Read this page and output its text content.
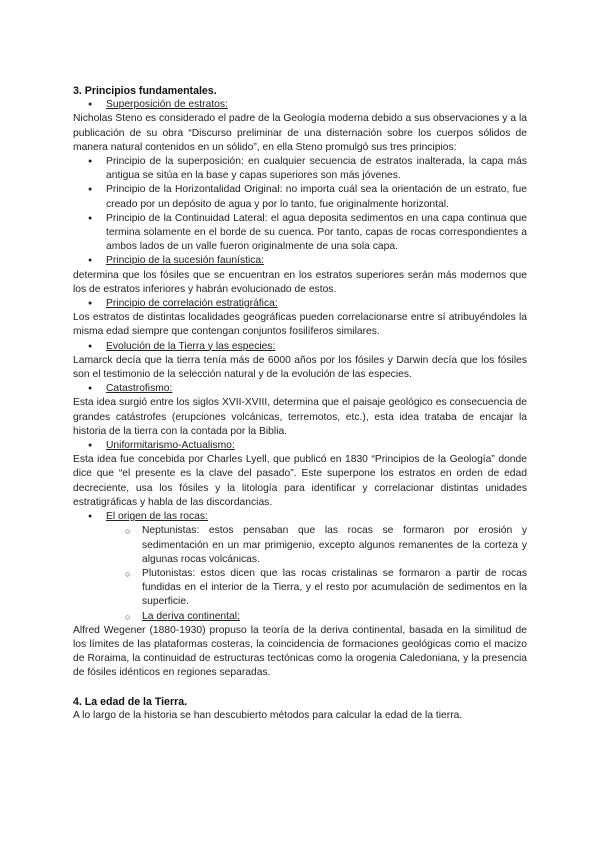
3. Principios fundamentales.
● Superposición de estratos:

Nicholas Steno es considerado el padre de la Geología moderna debido a sus observaciones y a la publicación de su obra “Discurso preliminar de una disternación sobre los cuerpos sólidos de manera natural contenidos en un sólido”, en ella Steno promulgó sus tres principios:

● Principio de la superposición: en cualquier secuencia de estratos inalterada, la capa más antigua se sitúa en la base y capas superiores son más jóvenes.
● Principio de la Horizontalidad Original: no importa cuál sea la orientación de un estrato, fue creado por un depósito de agua y por lo tanto, fue originalmente horizontal.
● Principio de la Continuidad Lateral: el agua deposita sedimentos en una capa continua que termina solamente en el borde de su cuenca. Por tanto, capas de rocas correspondientes a ambos lados de un valle fueron originalmente de una sola capa.
● Principio de la sucesión faunística:

determina que los fósiles que se encuentran en los estratos superiores serán más modernos que los de estratos inferiores y habrán evolucionado de estos.

● Principio de correlación estratigráfica:

Los estratos de distintas localidades geográficas pueden correlacionarse entre sí atribuyéndoles la misma edad siempre que contengan conjuntos fosilíferos similares.

● Evolución de la Tierra y las especies:

Lamarck decía que la tierra tenía más de 6000 años por los fósiles y Darwin decía que los fósiles son el testimonio de la selección natural y de la evolución de las especies.

● Catastrofismo:

Esta idea surgió entre los siglos XVII-XVIII, determina que el paisaje geológico es consecuencia de grandes catástrofes (erupciones volcánicas, terremotos, etc.), esta idea trataba de encajar la historia de la tierra con la contada por la Biblia.

● Uniformitarismo-Actualismo:

Esta idea fue concebida por Charles Lyell, que publicó en 1830 “Principios de la Geología” donde dice que “el presente es la clave del pasado”. Este superpone los estratos en orden de edad decreciente, usa los fósiles y la litología para identificar y correlacionar distintas unidades estratigráficas y habla de las discordancias.

● El origen de las rocas:
○ Neptunistas: estos pensaban que las rocas se formaron por erosión y sedimentación en un mar primigenio, excepto algunos remanentes de la corteza y algunas rocas volcánicas.
○ Plutonistas: estos dicen que las rocas cristalinas se formaron a partir de rocas fundidas en el interior de la Tierra, y el resto por acumulación de sedimentos en la superficie.
○ La deriva continental:

Alfred Wegener (1880-1930) propuso la teoría de la deriva continental, basada en la similitud de los límites de las plataformas costeras, la coincidencia de formaciones geológicas como el macizo de Roraima, la continuidad de estructuras tectónicas como la orogenia Caledoniana, y la presencia de fósiles idénticos en regiones separadas.

4. La edad de la Tierra.

A lo largo de la historia se han descubierto métodos para calcular la edad de la tierra.
